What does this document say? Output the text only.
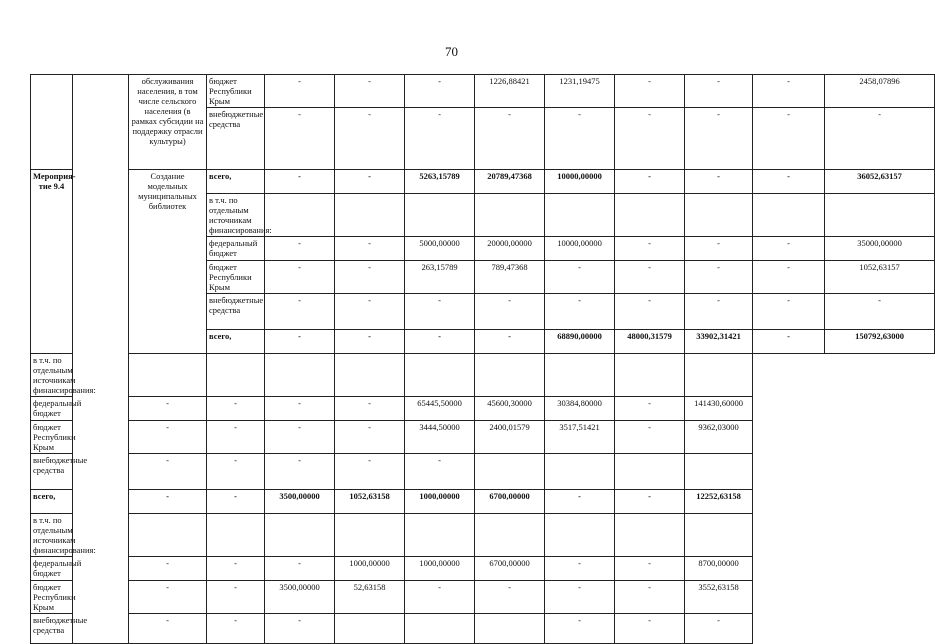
70
		обслуживания населения, в том числе сельского населения (в рамках субсидии на поддержку отрасли культуры)	бюджет Республики Крым	-	-	-	1226,88421	1231,19475	-	-	-	2458,07896
			внебюджетные средства	-	-	-	-	-	-	-	-	-
Мероприя-тие 9.4		Создание модельных муниципальных библиотек	всего,	-	-	5263,15789	20789,47368	10000,00000	-	-	-	36052,63157
			в т.ч. по отдельным источникам финансирования:									
			федеральный бюджет	-	-	5000,00000	20000,00000	10000,00000	-	-	-	35000,00000
			бюджет Республики Крым	-	-	263,15789	789,47368	-	-	-	-	1052,63157
			внебюджетные средства	-	-	-	-	-	-	-	-	-
			всего,	-	-	-	-	68890,00000	48000,31579	33902,31421	-	150792,63000
в т.ч. по отдельным источникам финансирования:												
федеральный бюджет		-	-	-	-	65445,50000	45600,30000	30384,80000	-	141430,60000		
бюджет Республики Крым		-	-	-	-	3444,50000	2400,01579	3517,51421	-	9362,03000		
внебюджетные средства		-	-	-	-	-						
всего,		-	-	3500,00000	1052,63158	1000,00000	6700,00000	-	-	12252,63158		
в т.ч. по отдельным источникам финансирования:												
федеральный бюджет		-	-	-	1000,00000	1000,00000	6700,00000	-	-	8700,00000		
бюджет Республики Крым		-	-	3500,00000	52,63158	-	-	-	-	3552,63158		
внебюджетные средства		-	-	-				-	-	-		
